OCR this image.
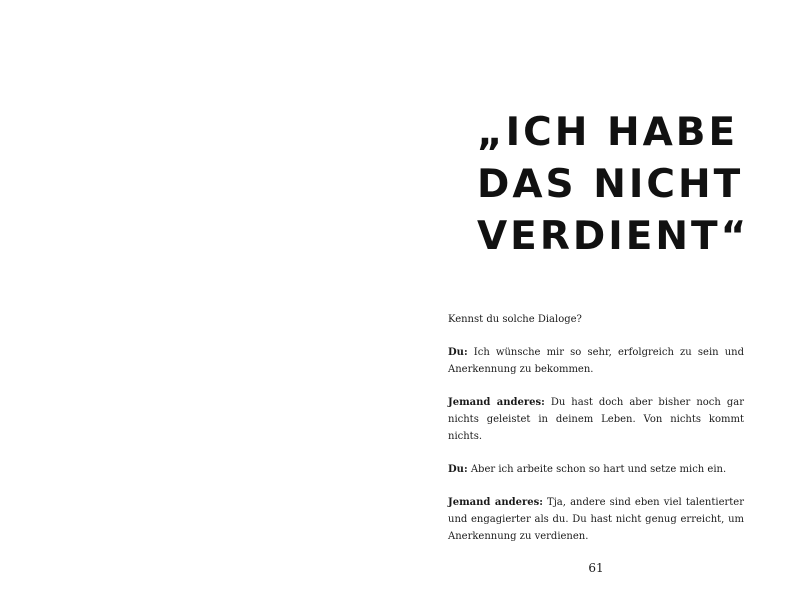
„ICH HABE
DAS NICHT
VERDIENT“

Kennst du solche Dialoge?

Du: Ich wünsche mir so sehr, erfolgreich zu sein und Anerkennung zu bekommen.

Jemand anderes: Du hast doch aber bisher noch gar nichts geleistet in deinem Leben. Von nichts kommt nichts.

Du: Aber ich arbeite schon so hart und setze mich ein.

Jemand anderes: Tja, andere sind eben viel talentierter und engagierter als du. Du hast nicht genug erreicht, um Anerkennung zu verdienen.

61
